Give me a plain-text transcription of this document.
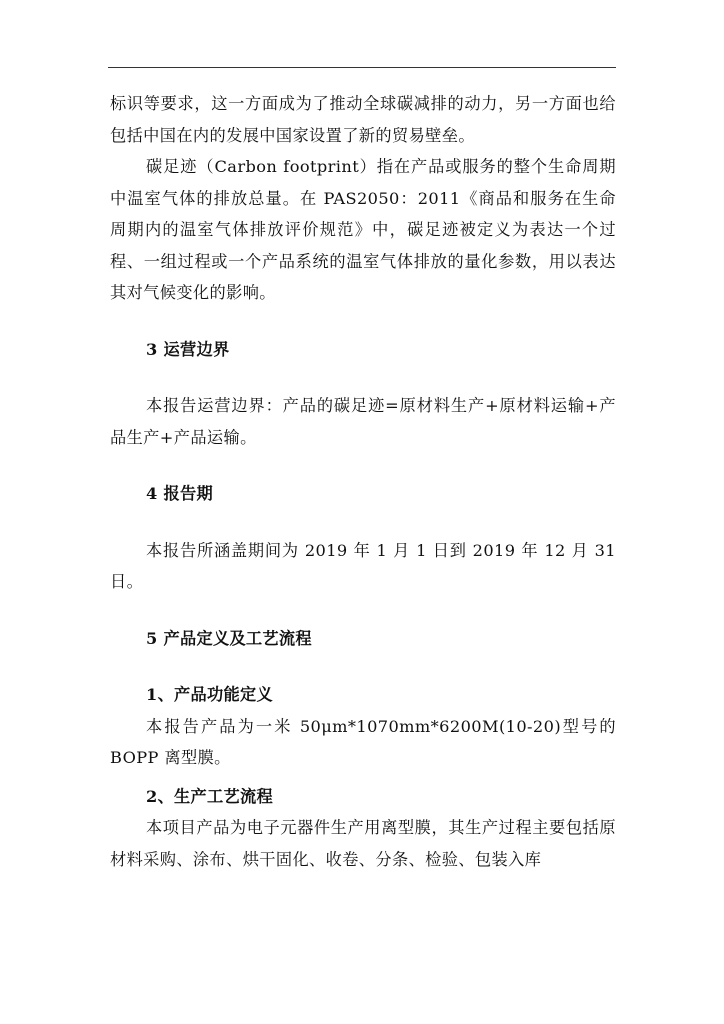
标识等要求，这一方面成为了推动全球碳减排的动力，另一方面也给包括中国在内的发展中国家设置了新的贸易壁垒。

碳足迹（Carbon footprint）指在产品或服务的整个生命周期中温室气体的排放总量。在 PAS2050：2011《商品和服务在生命周期内的温室气体排放评价规范》中，碳足迹被定义为表达一个过程、一组过程或一个产品系统的温室气体排放的量化参数，用以表达其对气候变化的影响。

3 运营边界

本报告运营边界：产品的碳足迹=原材料生产+原材料运输+产品生产+产品运输。

4 报告期

本报告所涵盖期间为 2019 年 1 月 1 日到 2019 年 12 月 31 日。

5 产品定义及工艺流程
1、产品功能定义

本报告产品为一米 50μm*1070mm*6200M(10-20)型号的 BOPP 离型膜。

2、生产工艺流程

本项目产品为电子元器件生产用离型膜，其生产过程主要包括原材料采购、涂布、烘干固化、收卷、分条、检验、包装入库
